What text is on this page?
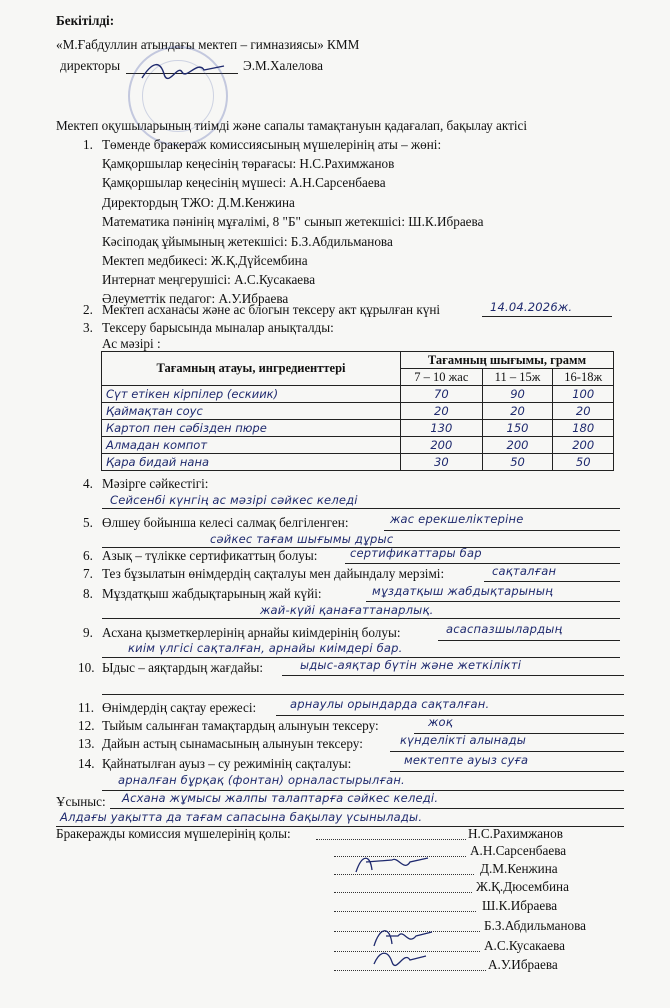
Бекітілді:
«М.Ғабдуллин атындағы мектеп – гимназиясы» КММ
директоры	Э.М.Халелова
Мектеп оқушыларының тиімді және сапалы тамақтануын қадағалап, бақылау актісі
1. Төменде бракераж комиссиясының мүшелерінің аты – жөні:
Қамқоршылар кеңесінің төрағасы: Н.С.Рахимжанов
Қамқоршылар кеңесінің мүшесі: А.Н.Сарсенбаева
Директордың ТЖО: Д.М.Кенжина
Математика пәнінің мұғалімі, 8 "Б" сынып жетекшісі: Ш.К.Ибраева
Кәсіподақ ұйымының жетекшісі: Б.З.Абдильманова
Мектеп медбикесі: Ж.Қ.Дүйсембина
Интернат меңгерушісі: А.С.Кусакаева
Әлеуметтік педагог: А.У.Ибраева
2. Мектеп асханасы және ас блогын тексеру акт құрылған күні	14.04.2026ж.
3. Тексеру барысында мыналар анықталды:
Ас мәзірі :
Тағамның атауы, ингредиенттері	Тағамның шығымы, грамм		
	7 – 10 жас	11 – 15ж	16-18ж
Сүт етікен кірпілер (ескиик)	70	90	100
Қаймақтан соус	20	20	20
Картоп пен сәбізден пюре	130	150	180
Алмадан компот	200	200	200
Қара бидай нана	30	50	50
4. Мәзірге сәйкестігі:
Сейсенбі күнгің ас мәзірі сәйкес келеді
5. Өлшеу бойынша келесі салмақ белгіленген:	жас ерекшеліктеріне
сәйкес тағам шығымы дұрыс
6. Азық – түлікке сертификаттың болуы:	сертификаттары бар
7. Тез бұзылатын өнімдердің сақталуы мен дайындалу мерзімі:	сақталған
8. Мұздатқыш жабдықтарының жай күйі:	мұздатқыш жабдықтарының
жай-күйі қанағаттанарлық.
9. Асхана қызметкерлерінің арнайы киімдерінің болуы:	асаспазшылардың
киім үлгісі сақталған, арнайы киімдері бар.
10. Ыдыс – аяқтардың жағдайы:	ыдыс-аяқтар бүтін және жеткілікті
11. Өнімдердің сақтау ережесі:	арнаулы орындарда сақталған.
12. Тыйым салынған тамақтардың алынуын тексеру:	жоқ
13. Дайын астың сынамасының алынуын тексеру:	күнделікті алынады
14. Қайнатылған ауыз – су режимінің сақталуы:	мектепте ауыз суға
арналған бұрқақ (фонтан) орналастырылған.
Ұсыныс: Асхана жұмысы жалпы талаптарға сәйкес келеді.
Алдағы уақытта да тағам сапасына бақылау үсынылады.
Бракеражды комиссия мүшелерінің қолы:	Н.С.Рахимжанов
А.Н.Сарсенбаева
Д.М.Кенжина
Ж.Қ.Дюсембина
Ш.К.Ибраева
Б.З.Абдильманова
А.С.Кусакаева
А.У.Ибраева
